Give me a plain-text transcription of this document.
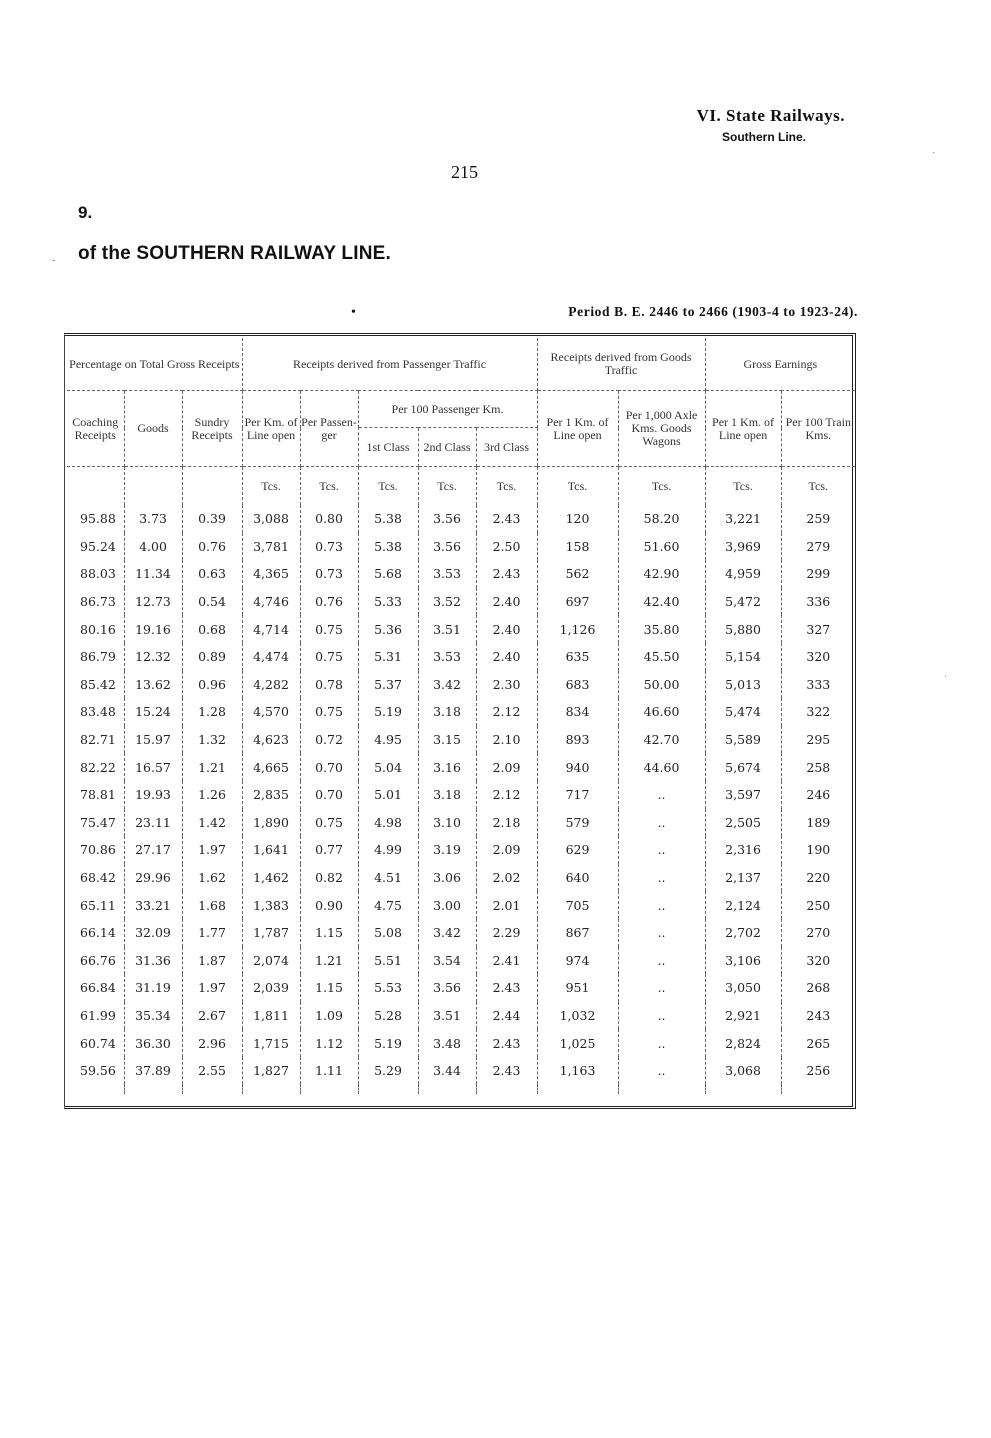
VI. State Railways.
Southern Line.
215
9.
of the SOUTHERN RAILWAY LINE.
•	Period B. E. 2446 to 2466 (1903-4 to 1923-24).
Percentage on Total Gross Receipts			Receipts derived from Passenger Traffic					Receipts derived from Goods Traffic		Gross Earnings	
Coaching Receipts	Goods	Sundry Receipts	Per Km. of Line open	Per Passen- ger	Per 100 Passenger Km.			Per 1 Km. of Line open	Per 1,000 Axle Kms. Goods Wagons	Per 1 Km. of Line open	Per 100 Train Kms.
					1st Class	2nd Class	3rd Class				
			Tcs.	Tcs.	Tcs.	Tcs.	Tcs.	Tcs.	Tcs.	Tcs.	Tcs.
95.88	3.73	0.39	3,088	0.80	5.38	3.56	2.43	120	58.20	3,221	259
95.24	4.00	0.76	3,781	0.73	5.38	3.56	2.50	158	51.60	3,969	279
88.03	11.34	0.63	4,365	0.73	5.68	3.53	2.43	562	42.90	4,959	299
86.73	12.73	0.54	4,746	0.76	5.33	3.52	2.40	697	42.40	5,472	336
80.16	19.16	0.68	4,714	0.75	5.36	3.51	2.40	1,126	35.80	5,880	327
86.79	12.32	0.89	4,474	0.75	5.31	3.53	2.40	635	45.50	5,154	320
85.42	13.62	0.96	4,282	0.78	5.37	3.42	2.30	683	50.00	5,013	333
83.48	15.24	1.28	4,570	0.75	5.19	3.18	2.12	834	46.60	5,474	322
82.71	15.97	1.32	4,623	0.72	4.95	3.15	2.10	893	42.70	5,589	295
82.22	16.57	1.21	4,665	0.70	5.04	3.16	2.09	940	44.60	5,674	258
78.81	19.93	1.26	2,835	0.70	5.01	3.18	2.12	717	..	3,597	246
75.47	23.11	1.42	1,890	0.75	4.98	3.10	2.18	579	..	2,505	189
70.86	27.17	1.97	1,641	0.77	4.99	3.19	2.09	629	..	2,316	190
68.42	29.96	1.62	1,462	0.82	4.51	3.06	2.02	640	..	2,137	220
65.11	33.21	1.68	1,383	0.90	4.75	3.00	2.01	705	..	2,124	250
66.14	32.09	1.77	1,787	1.15	5.08	3.42	2.29	867	..	2,702	270
66.76	31.36	1.87	2,074	1.21	5.51	3.54	2.41	974	..	3,106	320
66.84	31.19	1.97	2,039	1.15	5.53	3.56	2.43	951	..	3,050	268
61.99	35.34	2.67	1,811	1.09	5.28	3.51	2.44	1,032	..	2,921	243
60.74	36.30	2.96	1,715	1.12	5.19	3.48	2.43	1,025	..	2,824	265
59.56	37.89	2.55	1,827	1.11	5.29	3.44	2.43	1,163	..	3,068	256

·
-
·
